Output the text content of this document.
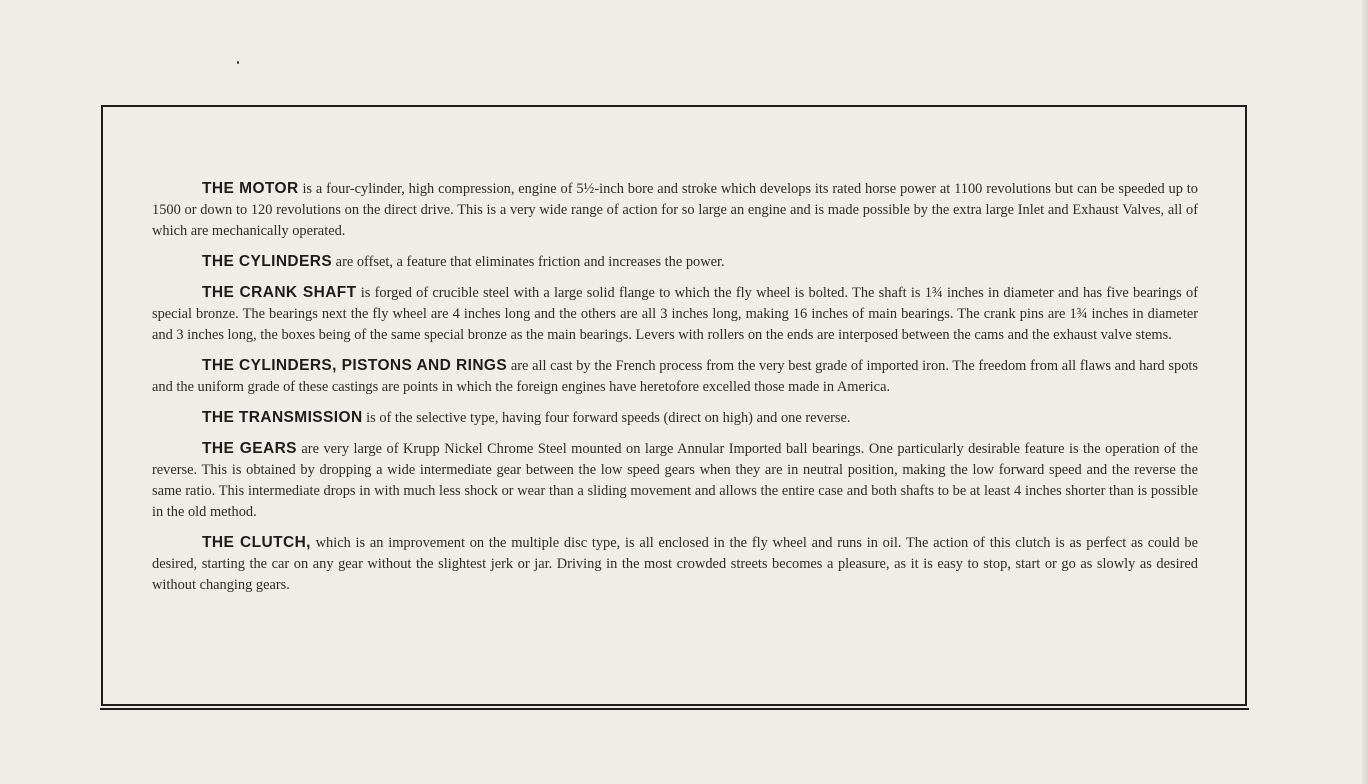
THE MOTOR is a four-cylinder, high compression, engine of 5½-inch bore and stroke which develops its rated horse power at 1100 revolutions but can be speeded up to 1500 or down to 120 revolutions on the direct drive. This is a very wide range of action for so large an engine and is made possible by the extra large Inlet and Exhaust Valves, all of which are mechanically operated.

THE CYLINDERS are offset, a feature that eliminates friction and increases the power.

THE CRANK SHAFT is forged of crucible steel with a large solid flange to which the fly wheel is bolted. The shaft is 1¾ inches in diameter and has five bearings of special bronze. The bearings next the fly wheel are 4 inches long and the others are all 3 inches long, making 16 inches of main bearings. The crank pins are 1¾ inches in diameter and 3 inches long, the boxes being of the same special bronze as the main bearings. Levers with rollers on the ends are interposed between the cams and the exhaust valve stems.

THE CYLINDERS, PISTONS AND RINGS are all cast by the French process from the very best grade of imported iron. The freedom from all flaws and hard spots and the uniform grade of these castings are points in which the foreign engines have heretofore excelled those made in America.

THE TRANSMISSION is of the selective type, having four forward speeds (direct on high) and one reverse.

THE GEARS are very large of Krupp Nickel Chrome Steel mounted on large Annular Imported ball bearings. One particularly desirable feature is the operation of the reverse. This is obtained by dropping a wide intermediate gear between the low speed gears when they are in neutral position, making the low forward speed and the reverse the same ratio. This intermediate drops in with much less shock or wear than a sliding movement and allows the entire case and both shafts to be at least 4 inches shorter than is possible in the old method.

THE CLUTCH, which is an improvement on the multiple disc type, is all enclosed in the fly wheel and runs in oil. The action of this clutch is as perfect as could be desired, starting the car on any gear without the slightest jerk or jar. Driving in the most crowded streets becomes a pleasure, as it is easy to stop, start or go as slowly as desired without changing gears.
